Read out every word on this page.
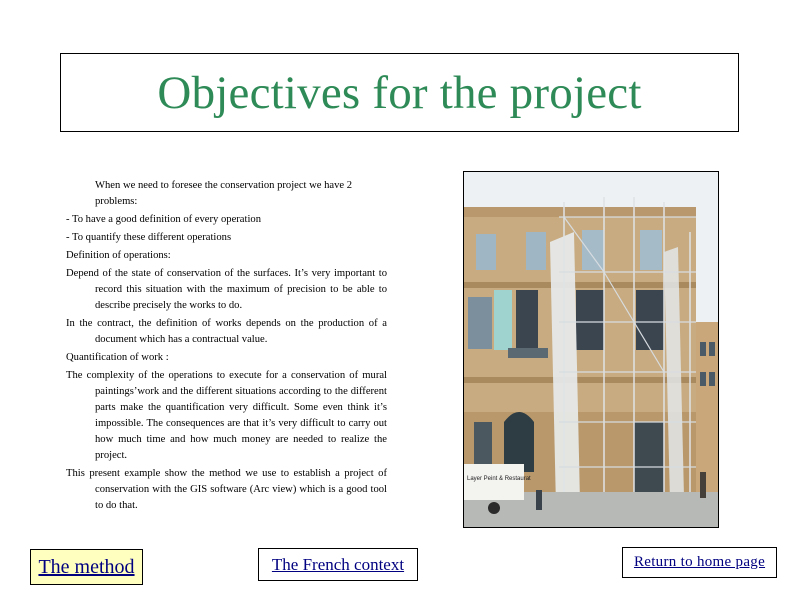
Objectives for the project

When we need to foresee the conservation project we have 2 problems:

- To have a good definition of every operation

- To quantify these different operations

Definition of operations:

Depend of the state of conservation of the surfaces. It’s very important to record this situation with the maximum of precision to be able to describe precisely the works to do.

In the contract, the definition of works depends on the production of a document which has a contractual value.

Quantification of work :

The complexity of the operations to execute for a conservation of mural paintings’work and the different situations according to the different parts make the quantification very difficult. Some even think it’s impossible. The consequences are that it’s very difficult to carry out how much time and how much money are needed to realize the project.

This present example show the method we use to establish a project of conservation with the GIS software (Arc view) which is a good tool to do that.

Layer Peint & Restaurat
The method	The French context	Return to home page
